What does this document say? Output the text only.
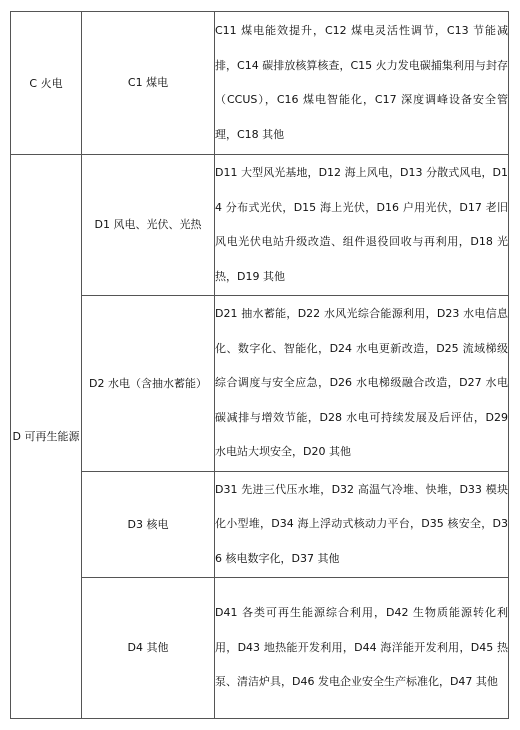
C 火电	C1 煤电	C11 煤电能效提升，C12 煤电灵活性调节，C13 节能减排，C14 碳排放核算核查，C15 火力发电碳捕集利用与封存（CCUS），C16 煤电智能化，C17 深度调峰设备安全管理，C18 其他
D 可再生能源	D1 风电、光伏、光热	D11 大型风光基地，D12 海上风电，D13 分散式风电，D14 分布式光伏，D15 海上光伏，D16 户用光伏，D17 老旧风电光伏电站升级改造、组件退役回收与再利用，D18 光热，D19 其他
	D2 水电（含抽水蓄能）	D21 抽水蓄能，D22 水风光综合能源利用，D23 水电信息化、数字化、智能化，D24 水电更新改造，D25 流域梯级综合调度与安全应急，D26 水电梯级融合改造，D27 水电碳减排与增效节能，D28 水电可持续发展及后评估，D29 水电站大坝安全，D20 其他
	D3 核电	D31 先进三代压水堆，D32 高温气冷堆、快堆，D33 模块化小型堆，D34 海上浮动式核动力平台，D35 核安全，D36 核电数字化，D37 其他
	D4 其他	D41 各类可再生能源综合利用，D42 生物质能源转化利用，D43 地热能开发利用，D44 海洋能开发利用，D45 热泵、清洁炉具，D46 发电企业安全生产标准化，D47 其他
